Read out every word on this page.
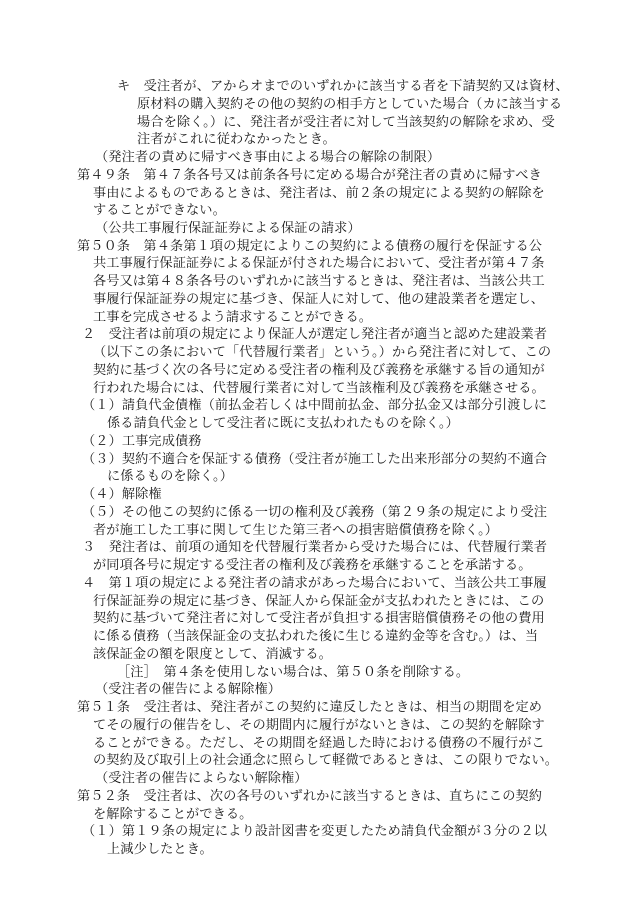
キ　受注者が、アからオまでのいずれかに該当する者を下請契約又は資材、
原材料の購入契約その他の契約の相手方としていた場合（カに該当する
場合を除く。）に、発注者が受注者に対して当該契約の解除を求め、受
注者がこれに従わなかったとき。
（発注者の責めに帰すべき事由による場合の解除の制限）
第４９条　第４７条各号又は前条各号に定める場合が発注者の責めに帰すべき
事由によるものであるときは、発注者は、前２条の規定による契約の解除を
することができない。
（公共工事履行保証証券による保証の請求）
第５０条　第４条第１項の規定によりこの契約による債務の履行を保証する公
共工事履行保証証券による保証が付された場合において、受注者が第４７条
各号又は第４８条各号のいずれかに該当するときは、発注者は、当該公共工
事履行保証証券の規定に基づき、保証人に対して、他の建設業者を選定し、
工事を完成させるよう請求することができる。
２　受注者は前項の規定により保証人が選定し発注者が適当と認めた建設業者
（以下この条において「代替履行業者」という。）から発注者に対して、この
契約に基づく次の各号に定める受注者の権利及び義務を承継する旨の通知が
行われた場合には、代替履行業者に対して当該権利及び義務を承継させる。
（１）請負代金債権（前払金若しくは中間前払金、部分払金又は部分引渡しに
係る請負代金として受注者に既に支払われたものを除く。）
（２）工事完成債務
（３）契約不適合を保証する債務（受注者が施工した出来形部分の契約不適合
に係るものを除く。）
（４）解除権
（５）その他この契約に係る一切の権利及び義務（第２９条の規定により受注
者が施工した工事に関して生じた第三者への損害賠償債務を除く。）
３　発注者は、前項の通知を代替履行業者から受けた場合には、代替履行業者
が同項各号に規定する受注者の権利及び義務を承継することを承諾する。
４　第１項の規定による発注者の請求があった場合において、当該公共工事履
行保証証券の規定に基づき、保証人から保証金が支払われたときには、この
契約に基づいて発注者に対して受注者が負担する損害賠償債務その他の費用
に係る債務（当該保証金の支払われた後に生じる違約金等を含む。）は、当
該保証金の額を限度として、消滅する。
［注］　第４条を使用しない場合は、第５０条を削除する。
（受注者の催告による解除権）
第５１条　受注者は、発注者がこの契約に違反したときは、相当の期間を定め
てその履行の催告をし、その期間内に履行がないときは、この契約を解除す
ることができる。ただし、その期間を経過した時における債務の不履行がこ
の契約及び取引上の社会通念に照らして軽微であるときは、この限りでない。
（受注者の催告によらない解除権）
第５２条　受注者は、次の各号のいずれかに該当するときは、直ちにこの契約
を解除することができる。
（１）第１９条の規定により設計図書を変更したため請負代金額が３分の２以
上減少したとき。
